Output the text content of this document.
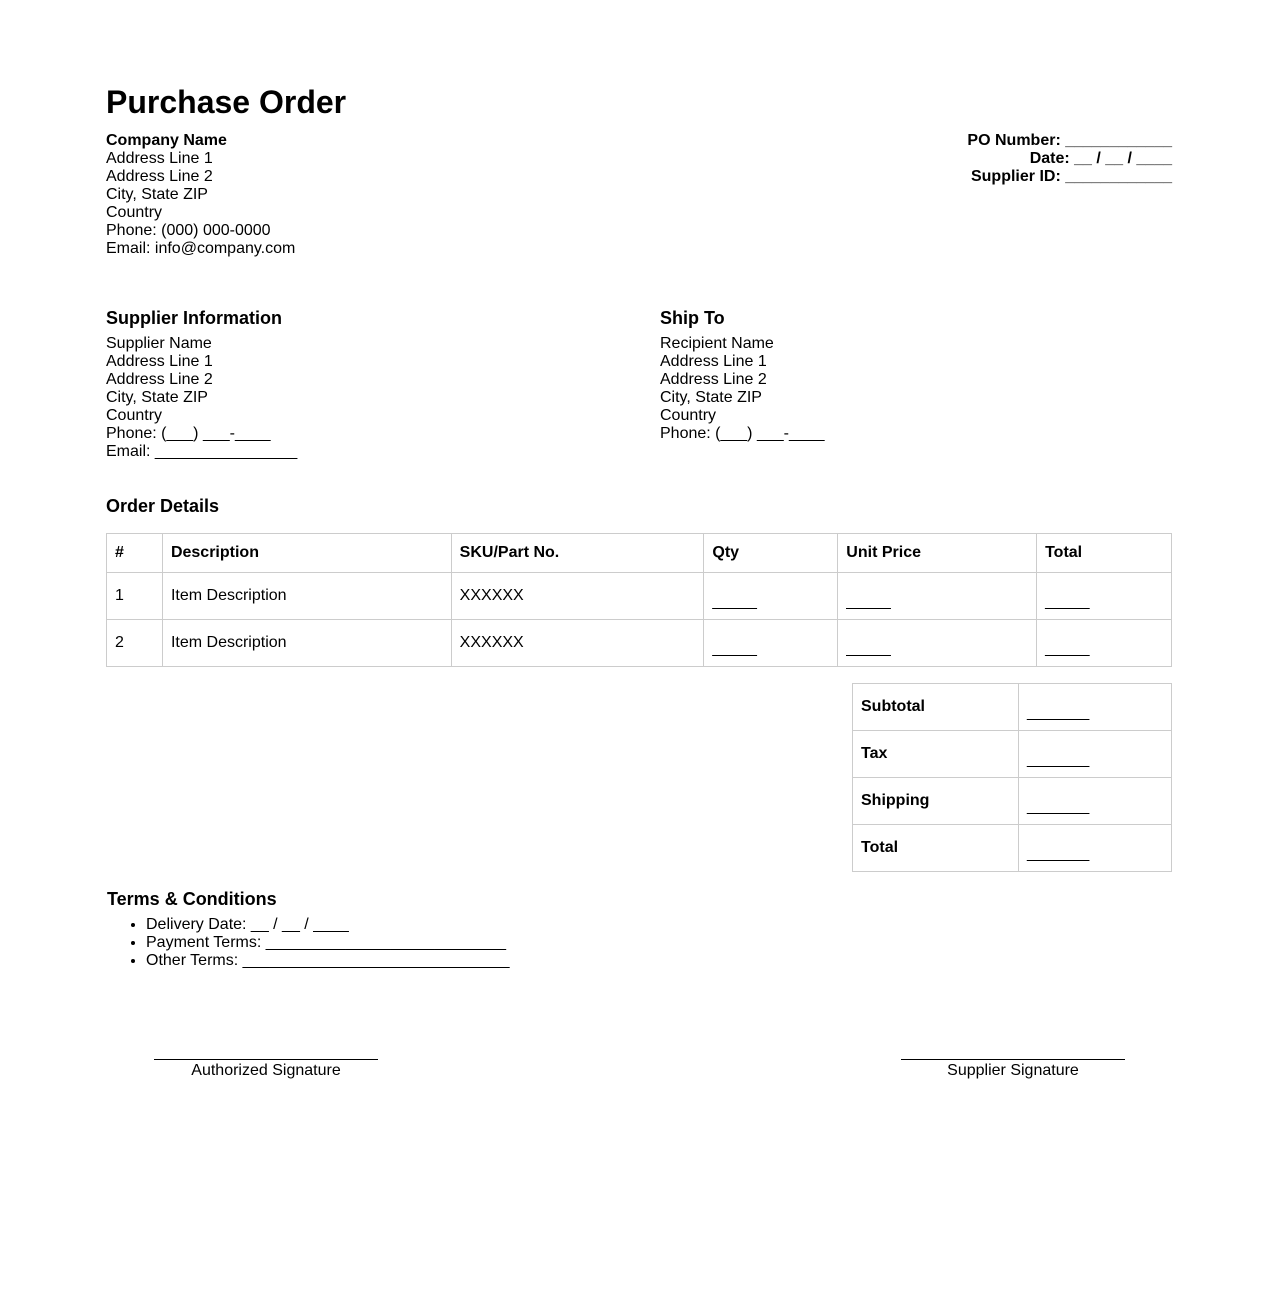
Purchase Order
Company Name
Address Line 1
Address Line 2
City, State ZIP
Country
Phone: (000) 000-0000
Email: info@company.com
PO Number: ____________
Date: __ / __ / ____
Supplier ID: ____________
Supplier Information
Supplier Name
Address Line 1
Address Line 2
City, State ZIP
Country
Phone: (___) ___-____
Email: ________________
Ship To
Recipient Name
Address Line 1
Address Line 2
City, State ZIP
Country
Phone: (___) ___-____
Order Details
#	Description	SKU/Part No.	Qty	Unit Price	Total
1	Item Description	XXXXXX	_____	_____	_____
2	Item Description	XXXXXX	_____	_____	_____
Subtotal	_______
Tax	_______
Shipping	_______
Total	_______
Terms & Conditions
• Delivery Date: __ / __ / ____
• Payment Terms: ___________________________
• Other Terms: ______________________________
Authorized Signature	Supplier Signature
